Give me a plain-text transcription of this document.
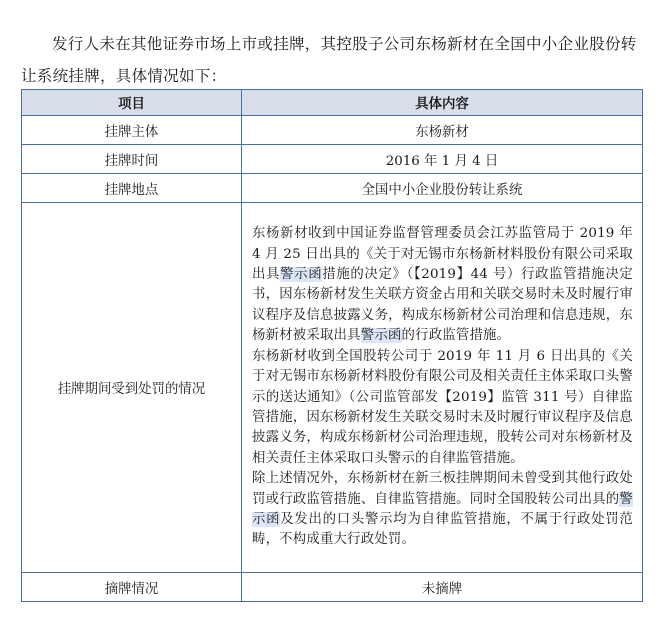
发行人未在其他证券市场上市或挂牌，其控股子公司东杨新材在全国中小企业股份转让系统挂牌，具体情况如下：

项目	具体内容
挂牌主体	东杨新材
挂牌时间	2016 年 1 月 4 日
挂牌地点	全国中小企业股份转让系统
挂牌期间受到处罚的情况	东杨新材收到中国证券监督管理委员会江苏监管局于 2019 年 4 月 25 日出具的《关于对无锡市东杨新材料股份有限公司采取出具警示函措施的决定》（【2019】44 号）行政监管措施决定书，因东杨新材发生关联方资金占用和关联交易时未及时履行审议程序及信息披露义务，构成东杨新材公司治理和信息违规，东杨新材被采取出具警示函的行政监管措施。
东杨新材收到全国股转公司于 2019 年 11 月 6 日出具的《关于对无锡市东杨新材料股份有限公司及相关责任主体采取口头警示的送达通知》（公司监管部发【2019】监管 311 号）自律监管措施，因东杨新材发生关联交易时未及时履行审议程序及信息披露义务，构成东杨新材公司治理违规，股转公司对东杨新材及相关责任主体采取口头警示的自律监管措施。
除上述情况外，东杨新材在新三板挂牌期间未曾受到其他行政处罚或行政监管措施、自律监管措施。同时全国股转公司出具的警示函及发出的口头警示均为自律监管措施，不属于行政处罚范畴，不构成重大行政处罚。

摘牌情况	未摘牌
